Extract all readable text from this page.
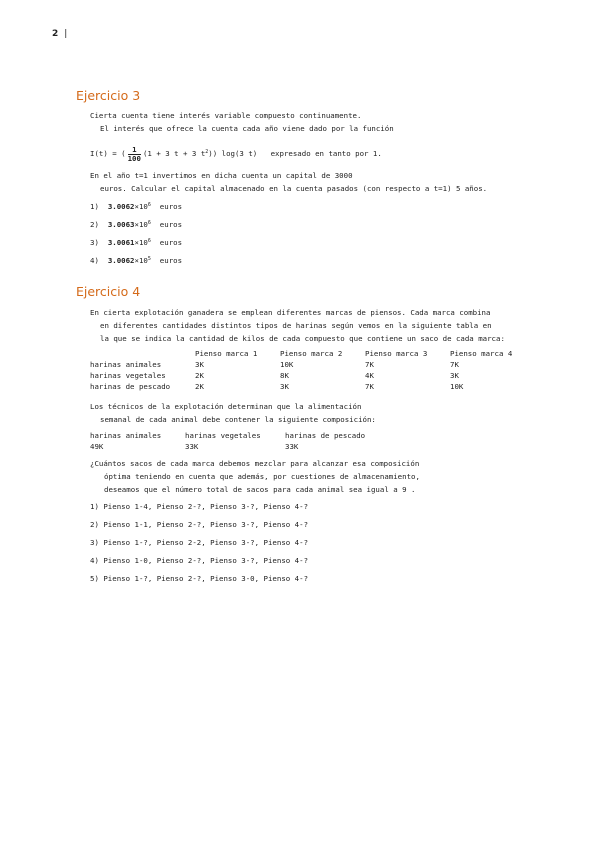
2 |
Ejercicio 3
Cierta cuenta tiene interés variable compuesto continuamente.
El interés que ofrece la cuenta cada año viene dado por la función
I(t) = ( $\frac{1}{100} (1 + 3$ t + 3 $t^2$)) log(3 t) expresado en tanto por 1.
En el año t=1 invertimos en dicha cuenta un capital de 3000
euros. Calcular el capital almacenado en la cuenta pasados (con respecto a t=1) 5 años.
1) $3.0062\times 10^6$ euros
2) $3.0063\times 10^6$ euros
3) $3.0061\times 10^6$ euros
4) $3.0062\times 10^5$ euros
Ejercicio 4
En cierta explotación ganadera se emplean diferentes marcas de piensos. Cada marca combina
en diferentes cantidades distintos tipos de harinas según vemos en la siguiente tabla en
la que se indica la cantidad de kilos de cada compuesto que contiene un saco de cada marca:
	Pienso marca 1	Pienso marca 2	Pienso marca 3	Pienso marca 4
harinas animales	3K	10K	7K	7K
harinas vegetales	2K	8K	4K	3K
harinas de pescado	2K	3K	7K	10K
Los técnicos de la explotación determinan que la alimentación
semanal de cada animal debe contener la siguiente composición:
harinas animales	harinas vegetales	harinas de pescado
49K	33K	33K
¿Cuántos sacos de cada marca debemos mezclar para alcanzar esa composición
óptima teniendo en cuenta que además, por cuestiones de almacenamiento,
deseamos que el número total de sacos para cada animal sea igual a 9 .
1) Pienso 1-4, Pienso 2-?, Pienso 3-?, Pienso 4-?
2) Pienso 1-1, Pienso 2-?, Pienso 3-?, Pienso 4-?
3) Pienso 1-?, Pienso 2-2, Pienso 3-?, Pienso 4-?
4) Pienso 1-0, Pienso 2-?, Pienso 3-?, Pienso 4-?
5) Pienso 1-?, Pienso 2-?, Pienso 3-0, Pienso 4-?
